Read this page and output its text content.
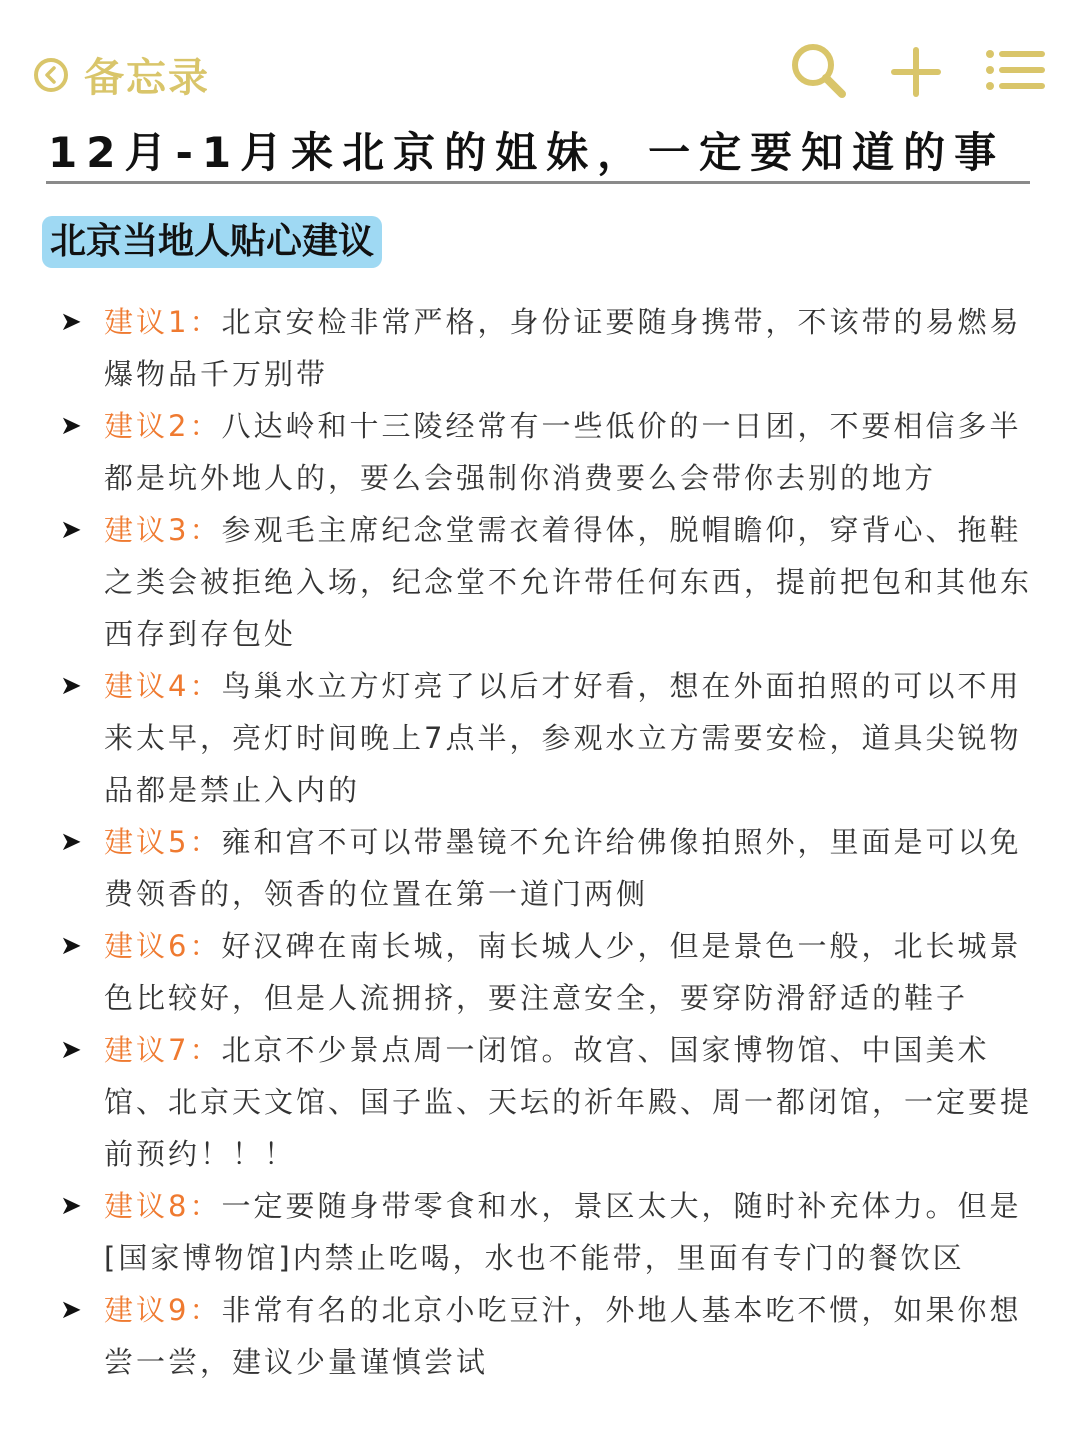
备忘录
12月-1月来北京的姐妹，一定要知道的事
北京当地人贴心建议
➤ 建议1：北京安检非常严格，身份证要随身携带，不该带的易燃易爆物品千万别带
➤ 建议2：八达岭和十三陵经常有一些低价的一日团，不要相信多半都是坑外地人的，要么会强制你消费要么会带你去别的地方
➤ 建议3：参观毛主席纪念堂需衣着得体，脱帽瞻仰，穿背心、拖鞋之类会被拒绝入场，纪念堂不允许带任何东西，提前把包和其他东西存到存包处
➤ 建议4：鸟巢水立方灯亮了以后才好看，想在外面拍照的可以不用来太早，亮灯时间晚上7点半，参观水立方需要安检，道具尖锐物品都是禁止入内的
➤ 建议5：雍和宫不可以带墨镜不允许给佛像拍照外，里面是可以免费领香的，领香的位置在第一道门两侧
➤ 建议6：好汉碑在南长城，南长城人少，但是景色一般，北长城景色比较好，但是人流拥挤，要注意安全，要穿防滑舒适的鞋子
➤ 建议7：北京不少景点周一闭馆。故宫、国家博物馆、中国美术馆、北京天文馆、国子监、天坛的祈年殿、周一都闭馆，一定要提前预约！！！
➤ 建议8：一定要随身带零食和水，景区太大，随时补充体力。但是[国家博物馆]内禁止吃喝，水也不能带，里面有专门的餐饮区
➤ 建议9：非常有名的北京小吃豆汁，外地人基本吃不惯，如果你想尝一尝，建议少量谨慎尝试
